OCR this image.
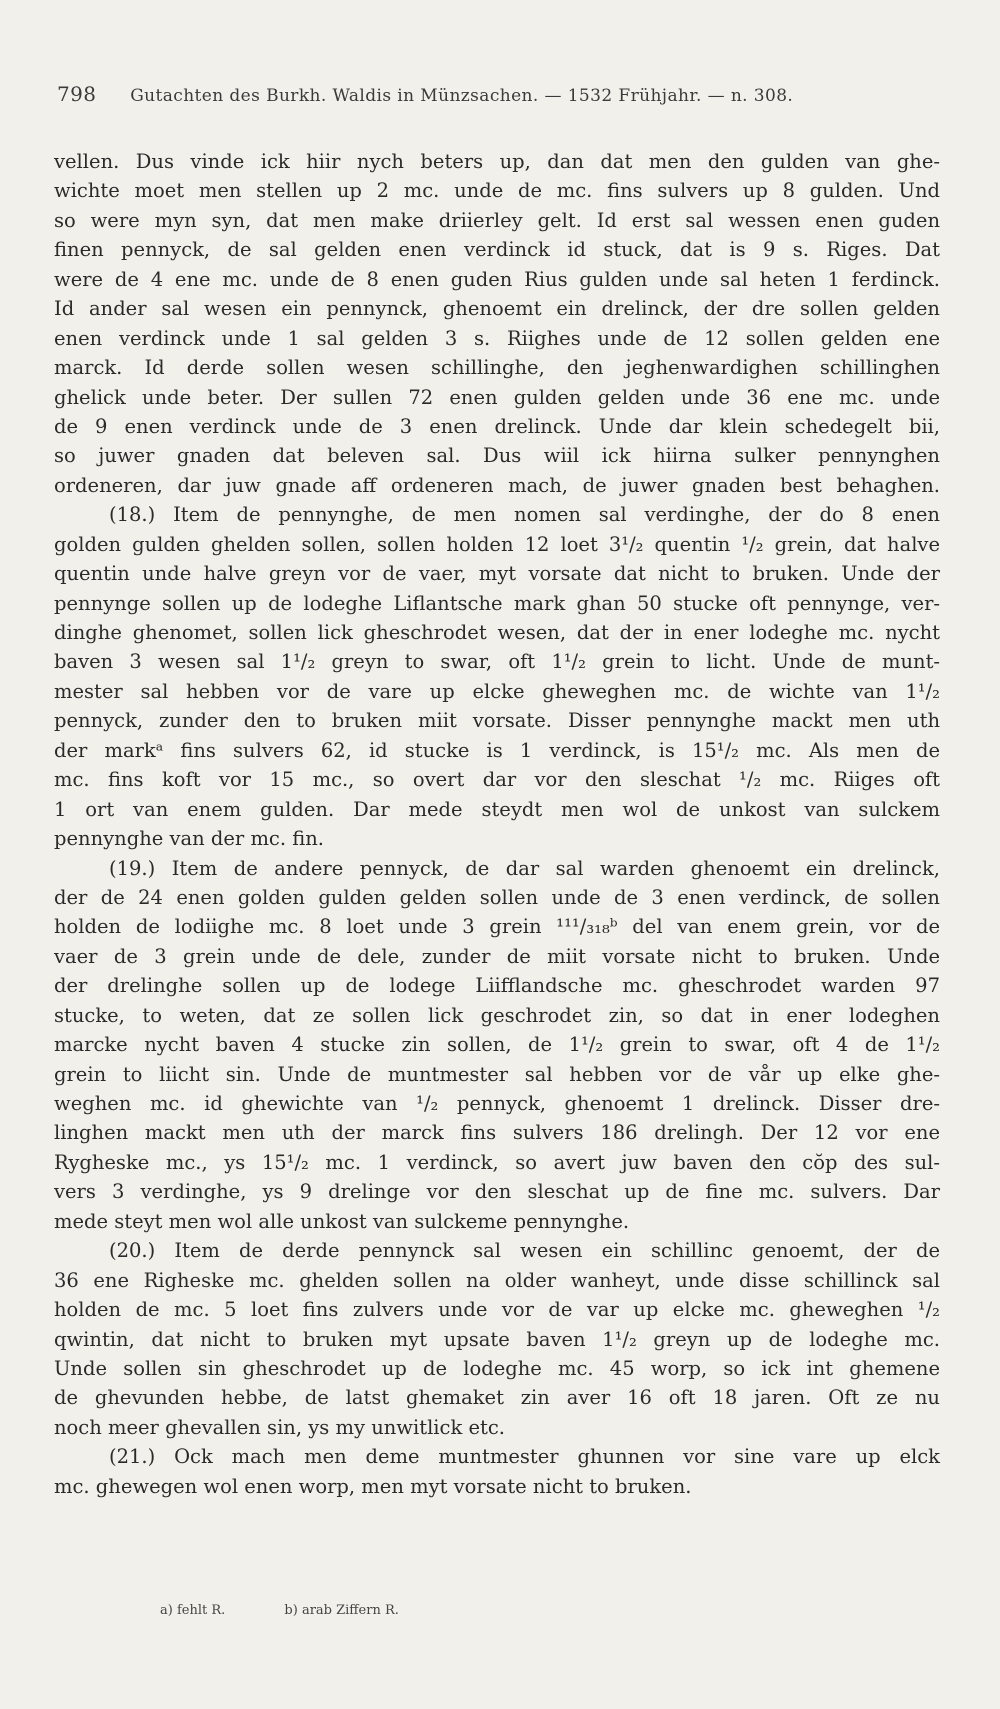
798 Gutachten des Burkh. Waldis in Münzsachen. — 1532 Frühjahr. — n. 308.
vellen. Dus vinde ick hiir nych beters up, dan dat men den gulden van ghe-
wichte moet men stellen up 2 mc. unde de mc. fins sulvers up 8 gulden. Und
so were myn syn, dat men make driierley gelt. Id erst sal wessen enen guden
finen pennyck, de sal gelden enen verdinck id stuck, dat is 9 s. Riges. Dat
were de 4 ene mc. unde de 8 enen guden Rius gulden unde sal heten 1 ferdinck.
Id ander sal wesen ein pennynck, ghenoemt ein drelinck, der dre sollen gelden
enen verdinck unde 1 sal gelden 3 s. Riighes unde de 12 sollen gelden ene
marck. Id derde sollen wesen schillinghe, den jeghenwardighen schillinghen
ghelick unde beter. Der sullen 72 enen gulden gelden unde 36 ene mc. unde
de 9 enen verdinck unde de 3 enen drelinck. Unde dar klein schedegelt bii,
so juwer gnaden dat beleven sal. Dus wiil ick hiirna sulker pennynghen
ordeneren, dar juw gnade aff ordeneren mach, de juwer gnaden best behaghen.
(18.) Item de pennynghe, de men nomen sal verdinghe, der do 8 enen
golden gulden ghelden sollen, sollen holden 12 loet 3¹/₂ quentin ¹/₂ grein, dat halve
quentin unde halve greyn vor de vaer, myt vorsate dat nicht to bruken. Unde der
pennynge sollen up de lodeghe Liflantsche mark ghan 50 stucke oft pennynge, ver-
dinghe ghenomet, sollen lick gheschrodet wesen, dat der in ener lodeghe mc. nycht
baven 3 wesen sal 1¹/₂ greyn to swar, oft 1¹/₂ grein to licht. Unde de munt-
mester sal hebben vor de vare up elcke gheweghen mc. de wichte van 1¹/₂
pennyck, zunder den to bruken miit vorsate. Disser pennynghe mackt men uth
der markᵃ fins sulvers 62, id stucke is 1 verdinck, is 15¹/₂ mc. Als men de
mc. fins koft vor 15 mc., so overt dar vor den sleschat ¹/₂ mc. Riiges oft
1 ort van enem gulden. Dar mede steydt men wol de unkost van sulckem
pennynghe van der mc. fin.
(19.) Item de andere pennyck, de dar sal warden ghenoemt ein drelinck,
der de 24 enen golden gulden gelden sollen unde de 3 enen verdinck, de sollen
holden de lodiighe mc. 8 loet unde 3 grein ¹¹¹/₃₁₈ᵇ del van enem grein, vor de
vaer de 3 grein unde de dele, zunder de miit vorsate nicht to bruken. Unde
der drelinghe sollen up de lodege Liifflandsche mc. gheschrodet warden 97
stucke, to weten, dat ze sollen lick geschrodet zin, so dat in ener lodeghen
marcke nycht baven 4 stucke zin sollen, de 1¹/₂ grein to swar, oft 4 de 1¹/₂
grein to liicht sin. Unde de muntmester sal hebben vor de vår up elke ghe-
weghen mc. id ghewichte van ¹/₂ pennyck, ghenoemt 1 drelinck. Disser dre-
linghen mackt men uth der marck fins sulvers 186 drelingh. Der 12 vor ene
Rygheske mc., ys 15¹/₂ mc. 1 verdinck, so avert juw baven den cŏp des sul-
vers 3 verdinghe, ys 9 drelinge vor den sleschat up de fine mc. sulvers. Dar
mede steyt men wol alle unkost van sulckeme pennynghe.
(20.) Item de derde pennynck sal wesen ein schillinc genoemt, der de
36 ene Righeske mc. ghelden sollen na older wanheyt, unde disse schillinck sal
holden de mc. 5 loet fins zulvers unde vor de var up elcke mc. gheweghen ¹/₂
qwintin, dat nicht to bruken myt upsate baven 1¹/₂ greyn up de lodeghe mc.
Unde sollen sin gheschrodet up de lodeghe mc. 45 worp, so ick int ghemene
de ghevunden hebbe, de latst ghemaket zin aver 16 oft 18 jaren. Oft ze nu
noch meer ghevallen sin, ys my unwitlick etc.
(21.) Ock mach men deme muntmester ghunnen vor sine vare up elck
mc. ghewegen wol enen worp, men myt vorsate nicht to bruken.
a) fehlt R.	b) arab Ziffern R.
